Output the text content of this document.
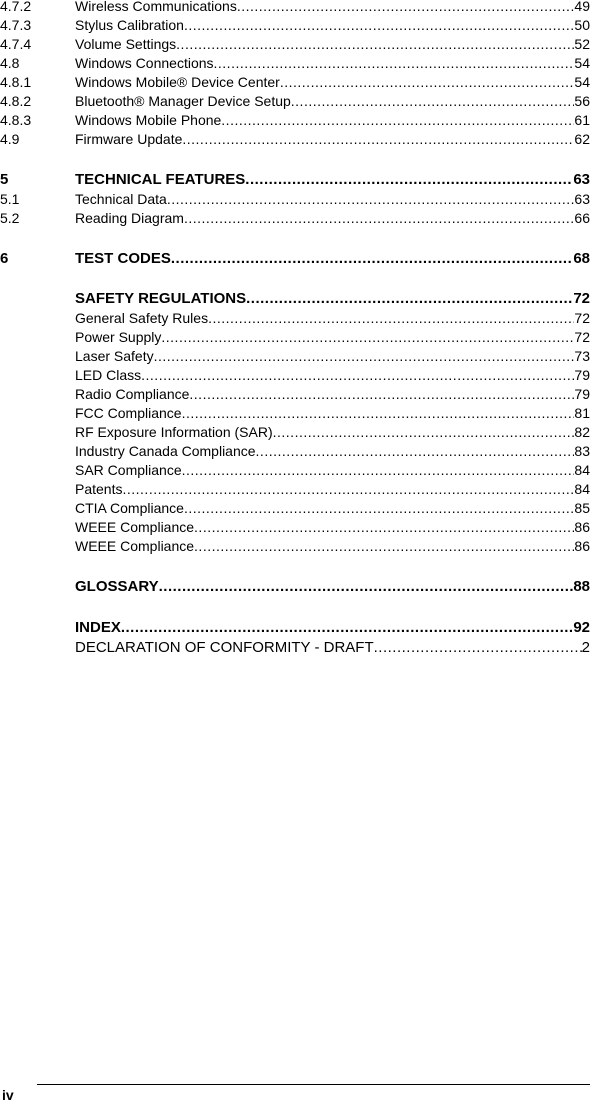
4.7.2	Wireless Communications .....	49
4.7.3	Stylus Calibration .....	50
4.7.4	Volume Settings .....	52
4.8	Windows Connections .....	54
4.8.1	Windows Mobile® Device Center .....	54
4.8.2	Bluetooth® Manager Device Setup .....	56
4.8.3	Windows Mobile Phone .....	61
4.9	Firmware Update .....	62
5	TECHNICAL FEATURES .....	63
5.1	Technical Data .....	63
5.2	Reading Diagram .....	66
6	TEST CODES .....	68
SAFETY REGULATIONS .....	72
General Safety Rules .....	72
Power Supply .....	72
Laser Safety .....	73
LED Class .....	79
Radio Compliance .....	79
FCC Compliance .....	81
RF Exposure Information (SAR) .....	82
Industry Canada Compliance .....	83
SAR Compliance .....	84
Patents .....	84
CTIA Compliance .....	85
WEEE Compliance .....	86
WEEE Compliance .....	86
GLOSSARY .....	88
INDEX .....	92
DECLARATION OF CONFORMITY - DRAFT .....	2
iv
